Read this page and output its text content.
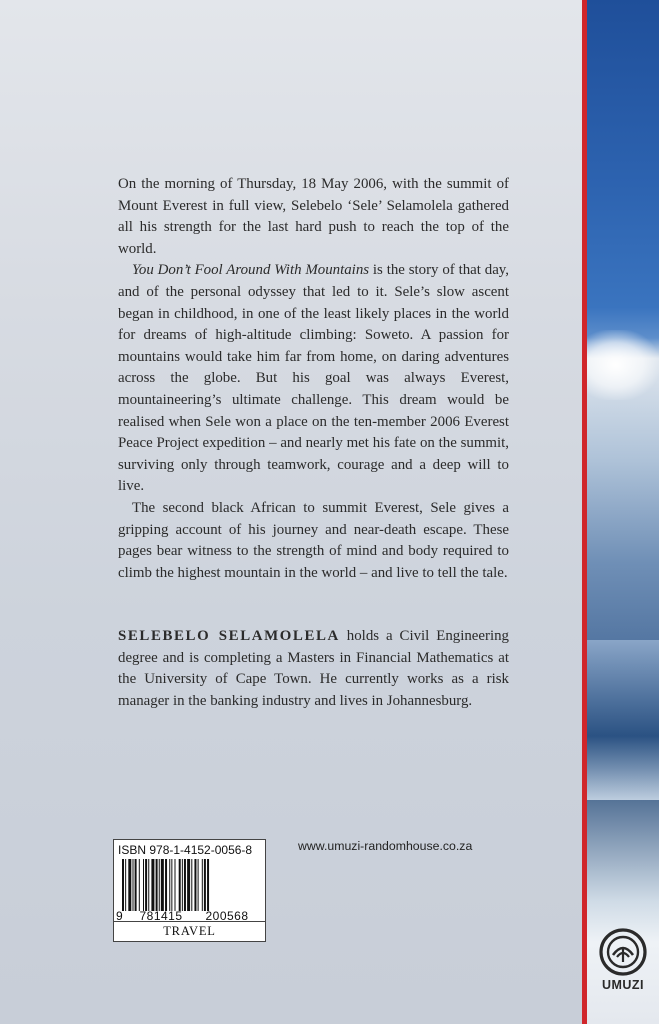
On the morning of Thursday, 18 May 2006, with the summit of Mount Everest in full view, Selebelo ‘Sele’ Selamolela gathered all his strength for the last hard push to reach the top of the world.

You Don’t Fool Around With Mountains is the story of that day, and of the personal odyssey that led to it. Sele’s slow ascent began in childhood, in one of the least likely places in the world for dreams of high-altitude climbing: Soweto. A passion for mountains would take him far from home, on daring adventures across the globe. But his goal was always Everest, mountaineering’s ultimate challenge. This dream would be realised when Sele won a place on the ten-member 2006 Everest Peace Project expedition – and nearly met his fate on the summit, surviving only through teamwork, courage and a deep will to live.

The second black African to summit Everest, Sele gives a gripping account of his journey and near-death escape. These pages bear witness to the strength of mind and body required to climb the highest mountain in the world – and live to tell the tale.

SELEBELO SELAMOLELA holds a Civil Engineering degree and is completing a Masters in Financial Mathematics at the University of Cape Town. He currently works as a risk manager in the banking industry and lives in Johannesburg.
ISBN 978-1-4152-0056-8
9	781415	200568
TRAVEL
www.umuzi-randomhouse.co.za
UMUZI
